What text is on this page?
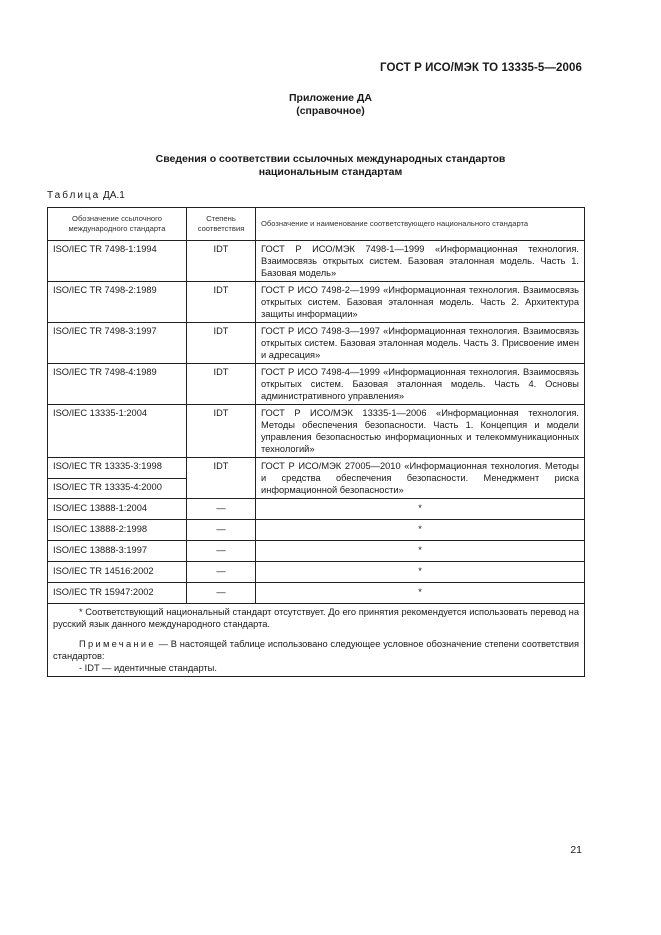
ГОСТ Р ИСО/МЭК ТО 13335-5—2006
Приложение ДА
(справочное)
Сведения о соответствии ссылочных международных стандартов
национальным стандартам
Таблица ДА.1
Обозначение ссылочного международного стандарта	Степень соответствия	Обозначение и наименование соответствующего национального стандарта
ISO/IEC TR 7498-1:1994	IDT	ГОСТ Р ИСО/МЭК 7498-1—1999 «Информационная технология. Взаимосвязь открытых систем. Базовая эталонная модель. Часть 1. Базовая модель»
ISO/IEC TR 7498-2:1989	IDT	ГОСТ Р ИСО 7498-2—1999 «Информационная технология. Взаимосвязь открытых систем. Базовая эталонная модель. Часть 2. Архитектура защиты информации»
ISO/IEC TR 7498-3:1997	IDT	ГОСТ Р ИСО 7498-3—1997 «Информационная технология. Взаимосвязь открытых систем. Базовая эталонная модель. Часть 3. Присвоение имен и адресация»
ISO/IEC TR 7498-4:1989	IDT	ГОСТ Р ИСО 7498-4—1999 «Информационная технология. Взаимосвязь открытых систем. Базовая эталонная модель. Часть 4. Основы административного управления»
ISO/IEC 13335-1:2004	IDT	ГОСТ Р ИСО/МЭК 13335-1—2006 «Информационная технология. Методы обеспечения безопасности. Часть 1. Концепция и модели управления безопасностью информационных и телекоммуникационных технологий»
ISO/IEC TR 13335-3:1998	IDT	ГОСТ Р ИСО/МЭК 27005—2010 «Информационная технология. Методы и средства обеспечения безопасности. Менеджмент риска информационной безопасности»
ISO/IEC TR 13335-4:2000		
ISO/IEC 13888-1:2004	—	*
ISO/IEC 13888-2:1998	—	*
ISO/IEC 13888-3:1997	—	*
ISO/IEC TR 14516:2002	—	*
ISO/IEC TR 15947:2002	—	*

* Соответствующий национальный стандарт отсутствует. До его принятия рекомендуется использовать перевод на русский язык данного международного стандарта.

Примечание — В настоящей таблице использовано следующее условное обозначение степени соответствия стандартов:

- IDT — идентичные стандарты.		

21
